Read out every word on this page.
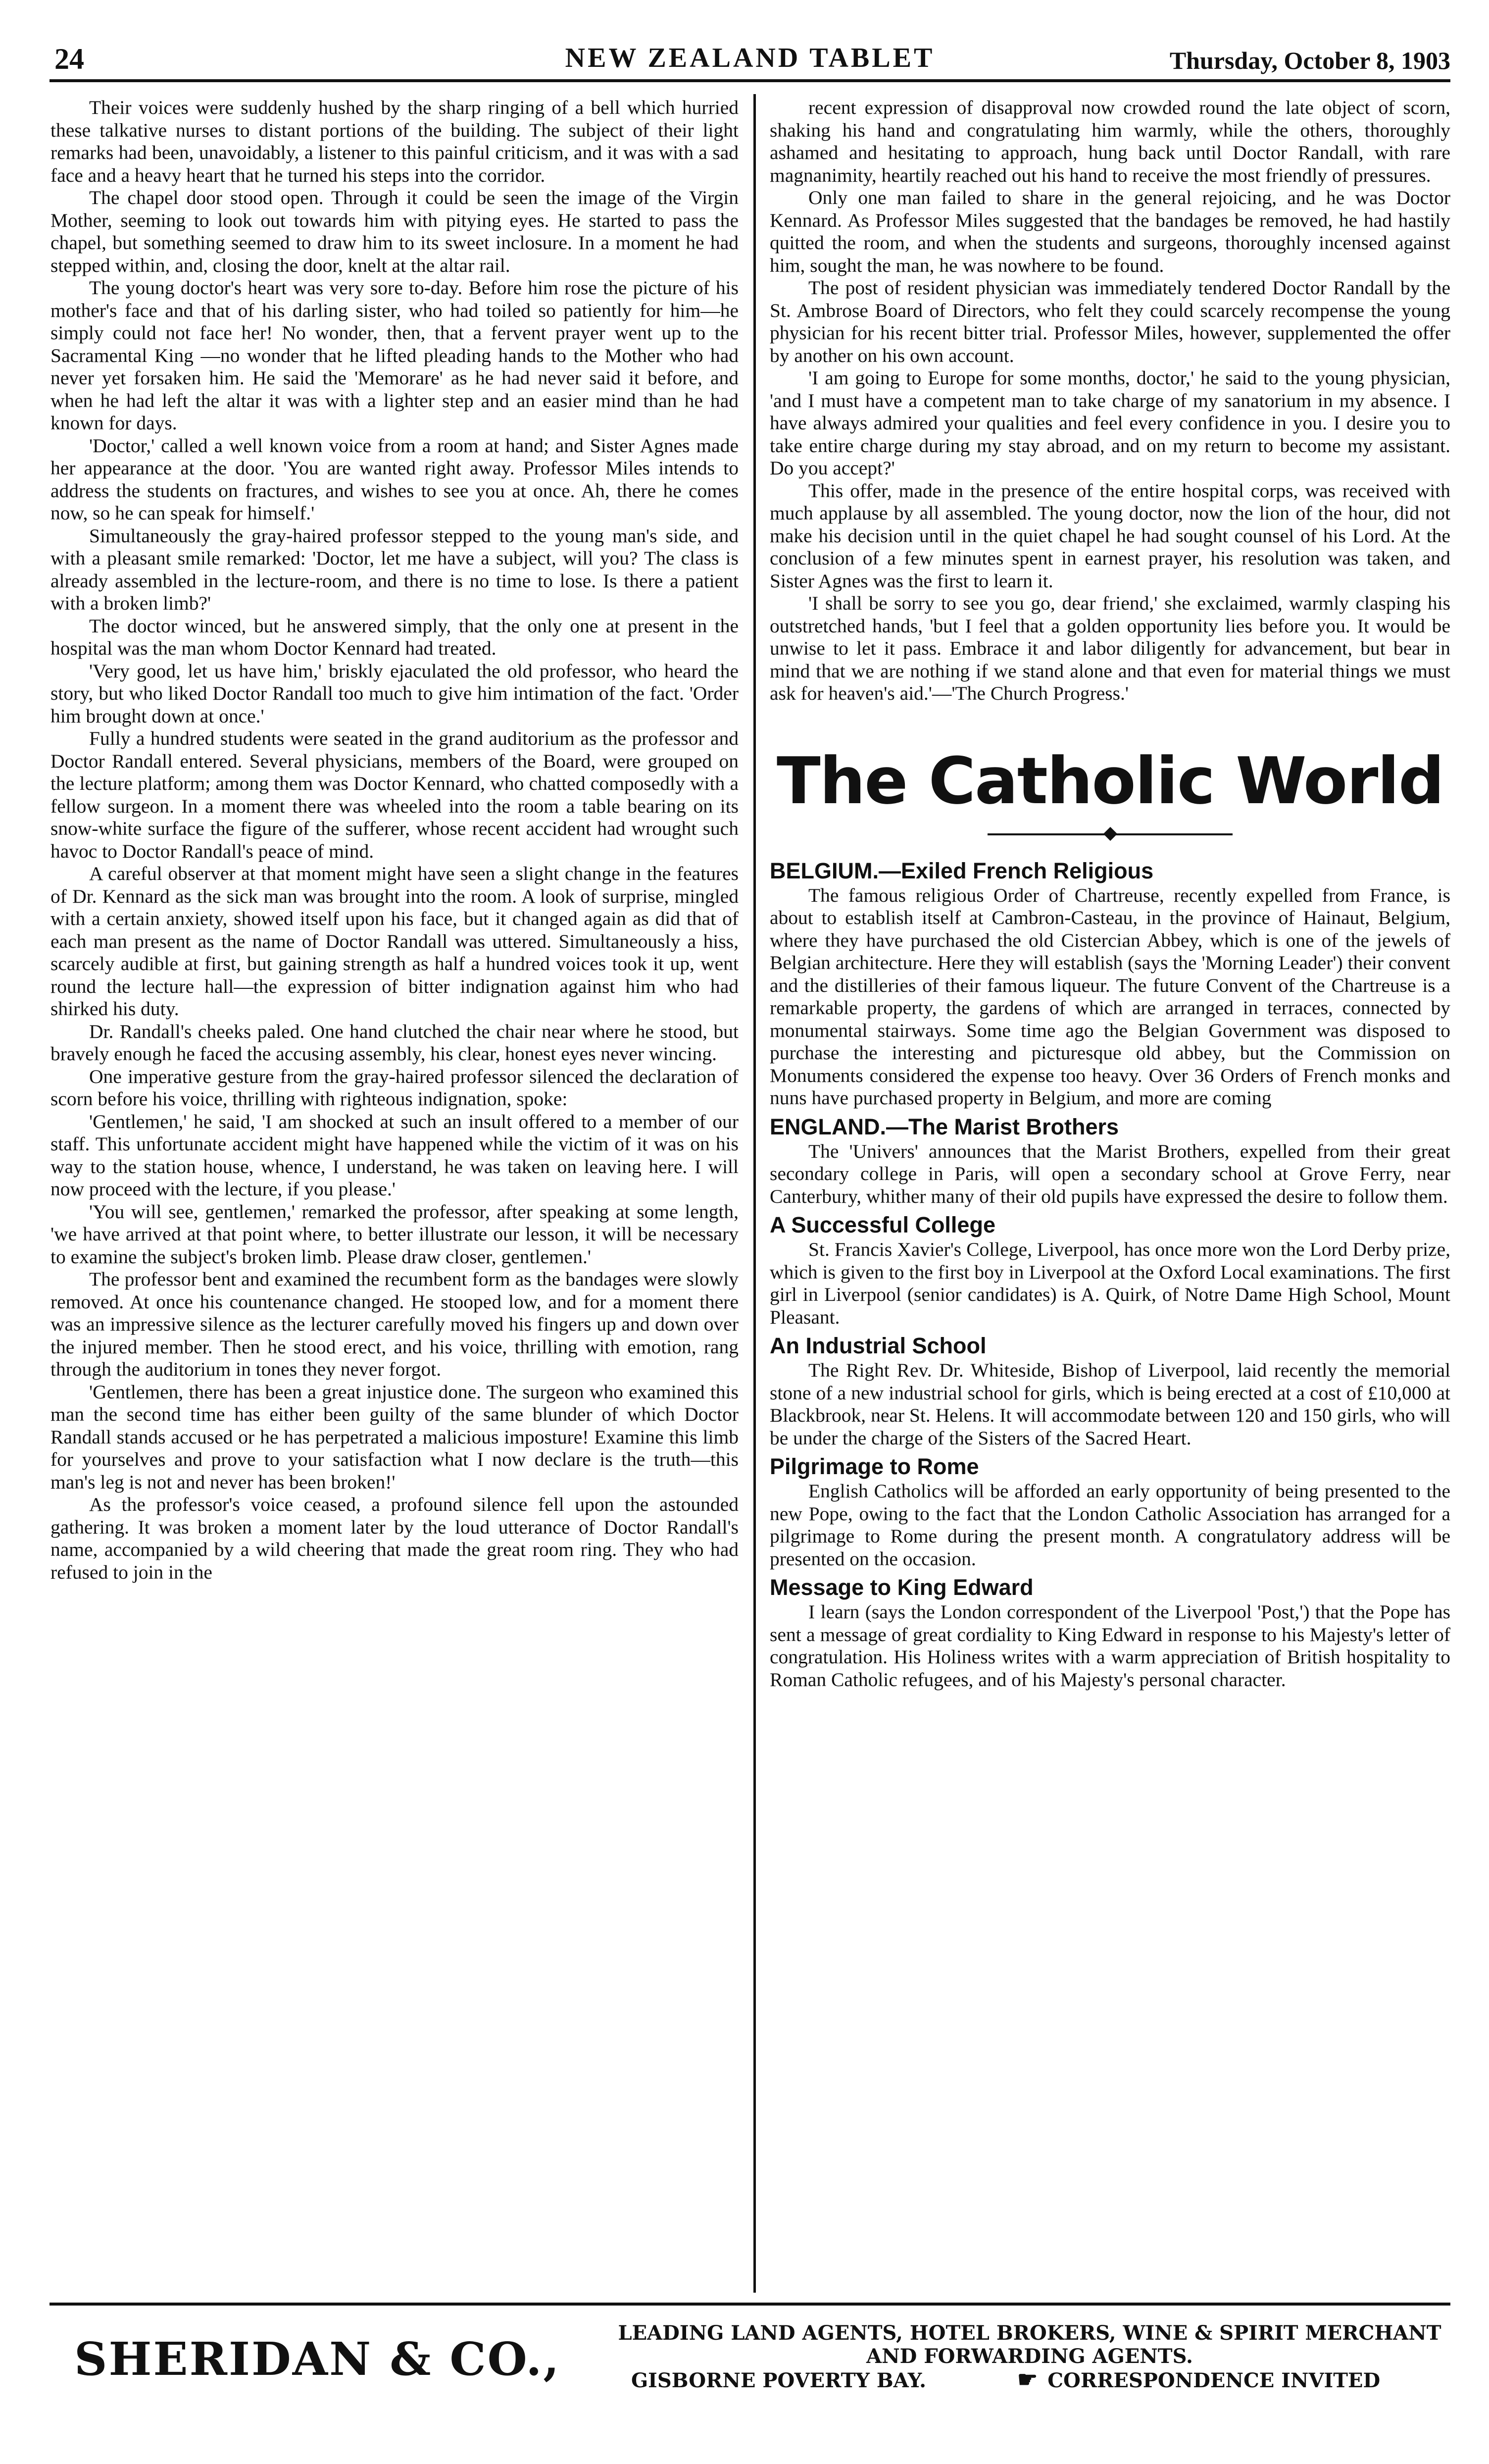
24	NEW ZEALAND TABLET	Thursday, October 8, 1903

Their voices were suddenly hushed by the sharp ringing of a bell which hurried these talkative nurses to distant portions of the building. The subject of their light remarks had been, unavoidably, a listener to this painful criticism, and it was with a sad face and a heavy heart that he turned his steps into the corridor.

The chapel door stood open. Through it could be seen the image of the Virgin Mother, seeming to look out towards him with pitying eyes. He started to pass the chapel, but something seemed to draw him to its sweet inclosure. In a moment he had stepped within, and, closing the door, knelt at the altar rail.

The young doctor's heart was very sore to-day. Before him rose the picture of his mother's face and that of his darling sister, who had toiled so patiently for him—he simply could not face her! No wonder, then, that a fervent prayer went up to the Sacramental King —no wonder that he lifted pleading hands to the Mother who had never yet forsaken him. He said the 'Memorare' as he had never said it before, and when he had left the altar it was with a lighter step and an easier mind than he had known for days.

'Doctor,' called a well known voice from a room at hand; and Sister Agnes made her appearance at the door. 'You are wanted right away. Professor Miles intends to address the students on fractures, and wishes to see you at once. Ah, there he comes now, so he can speak for himself.'

Simultaneously the gray-haired professor stepped to the young man's side, and with a pleasant smile remarked: 'Doctor, let me have a subject, will you? The class is already assembled in the lecture-room, and there is no time to lose. Is there a patient with a broken limb?'

The doctor winced, but he answered simply, that the only one at present in the hospital was the man whom Doctor Kennard had treated.

'Very good, let us have him,' briskly ejaculated the old professor, who heard the story, but who liked Doctor Randall too much to give him intimation of the fact. 'Order him brought down at once.'

Fully a hundred students were seated in the grand auditorium as the professor and Doctor Randall entered. Several physicians, members of the Board, were grouped on the lecture platform; among them was Doctor Kennard, who chatted composedly with a fellow surgeon. In a moment there was wheeled into the room a table bearing on its snow-white surface the figure of the sufferer, whose recent accident had wrought such havoc to Doctor Randall's peace of mind.

A careful observer at that moment might have seen a slight change in the features of Dr. Kennard as the sick man was brought into the room. A look of surprise, mingled with a certain anxiety, showed itself upon his face, but it changed again as did that of each man present as the name of Doctor Randall was uttered. Simultaneously a hiss, scarcely audible at first, but gaining strength as half a hundred voices took it up, went round the lecture hall—the expression of bitter indignation against him who had shirked his duty.

Dr. Randall's cheeks paled. One hand clutched the chair near where he stood, but bravely enough he faced the accusing assembly, his clear, honest eyes never wincing.

One imperative gesture from the gray-haired professor silenced the declaration of scorn before his voice, thrilling with righteous indignation, spoke:

'Gentlemen,' he said, 'I am shocked at such an insult offered to a member of our staff. This unfortunate accident might have happened while the victim of it was on his way to the station house, whence, I understand, he was taken on leaving here. I will now proceed with the lecture, if you please.'

'You will see, gentlemen,' remarked the professor, after speaking at some length, 'we have arrived at that point where, to better illustrate our lesson, it will be necessary to examine the subject's broken limb. Please draw closer, gentlemen.'

The professor bent and examined the recumbent form as the bandages were slowly removed. At once his countenance changed. He stooped low, and for a moment there was an impressive silence as the lecturer carefully moved his fingers up and down over the injured member. Then he stood erect, and his voice, thrilling with emotion, rang through the auditorium in tones they never forgot.

'Gentlemen, there has been a great injustice done. The surgeon who examined this man the second time has either been guilty of the same blunder of which Doctor Randall stands accused or he has perpetrated a malicious imposture! Examine this limb for yourselves and prove to your satisfaction what I now declare is the truth—this man's leg is not and never has been broken!'

As the professor's voice ceased, a profound silence fell upon the astounded gathering. It was broken a moment later by the loud utterance of Doctor Randall's name, accompanied by a wild cheering that made the great room ring. They who had refused to join in the

recent expression of disapproval now crowded round the late object of scorn, shaking his hand and congratulating him warmly, while the others, thoroughly ashamed and hesitating to approach, hung back until Doctor Randall, with rare magnanimity, heartily reached out his hand to receive the most friendly of pressures.

Only one man failed to share in the general rejoicing, and he was Doctor Kennard. As Professor Miles suggested that the bandages be removed, he had hastily quitted the room, and when the students and surgeons, thoroughly incensed against him, sought the man, he was nowhere to be found.

The post of resident physician was immediately tendered Doctor Randall by the St. Ambrose Board of Directors, who felt they could scarcely recompense the young physician for his recent bitter trial. Professor Miles, however, supplemented the offer by another on his own account.

'I am going to Europe for some months, doctor,' he said to the young physician, 'and I must have a competent man to take charge of my sanatorium in my absence. I have always admired your qualities and feel every confidence in you. I desire you to take entire charge during my stay abroad, and on my return to become my assistant. Do you accept?'

This offer, made in the presence of the entire hospital corps, was received with much applause by all assembled. The young doctor, now the lion of the hour, did not make his decision until in the quiet chapel he had sought counsel of his Lord. At the conclusion of a few minutes spent in earnest prayer, his resolution was taken, and Sister Agnes was the first to learn it.

'I shall be sorry to see you go, dear friend,' she exclaimed, warmly clasping his outstretched hands, 'but I feel that a golden opportunity lies before you. It would be unwise to let it pass. Embrace it and labor diligently for advancement, but bear in mind that we are nothing if we stand alone and that even for material things we must ask for heaven's aid.'—'The Church Progress.'

The Catholic World
BELGIUM.—Exiled French Religious

The famous religious Order of Chartreuse, recently expelled from France, is about to establish itself at Cambron-Casteau, in the province of Hainaut, Belgium, where they have purchased the old Cistercian Abbey, which is one of the jewels of Belgian architecture. Here they will establish (says the 'Morning Leader') their convent and the distilleries of their famous liqueur. The future Convent of the Chartreuse is a remarkable property, the gardens of which are arranged in terraces, connected by monumental stairways. Some time ago the Belgian Government was disposed to purchase the interesting and picturesque old abbey, but the Commission on Monuments considered the expense too heavy. Over 36 Orders of French monks and nuns have purchased property in Belgium, and more are coming

ENGLAND.—The Marist Brothers

The 'Univers' announces that the Marist Brothers, expelled from their great secondary college in Paris, will open a secondary school at Grove Ferry, near Canterbury, whither many of their old pupils have expressed the desire to follow them.

A Successful College

St. Francis Xavier's College, Liverpool, has once more won the Lord Derby prize, which is given to the first boy in Liverpool at the Oxford Local examinations. The first girl in Liverpool (senior candidates) is A. Quirk, of Notre Dame High School, Mount Pleasant.

An Industrial School

The Right Rev. Dr. Whiteside, Bishop of Liverpool, laid recently the memorial stone of a new industrial school for girls, which is being erected at a cost of £10,000 at Blackbrook, near St. Helens. It will accommodate between 120 and 150 girls, who will be under the charge of the Sisters of the Sacred Heart.

Pilgrimage to Rome

English Catholics will be afforded an early opportunity of being presented to the new Pope, owing to the fact that the London Catholic Association has arranged for a pilgrimage to Rome during the present month. A congratulatory address will be presented on the occasion.

Message to King Edward

I learn (says the London correspondent of the Liverpool 'Post,') that the Pope has sent a message of great cordiality to King Edward in response to his Majesty's letter of congratulation. His Holiness writes with a warm appreciation of British hospitality to Roman Catholic refugees, and of his Majesty's personal character.

SHERIDAN & CO.,	LEADING LAND AGENTS, HOTEL BROKERS, WINE & SPIRIT MERCHANT
AND FORWARDING AGENTS.
GISBORNE POVERTY BAY.	☛ CORRESPONDENCE INVITED
